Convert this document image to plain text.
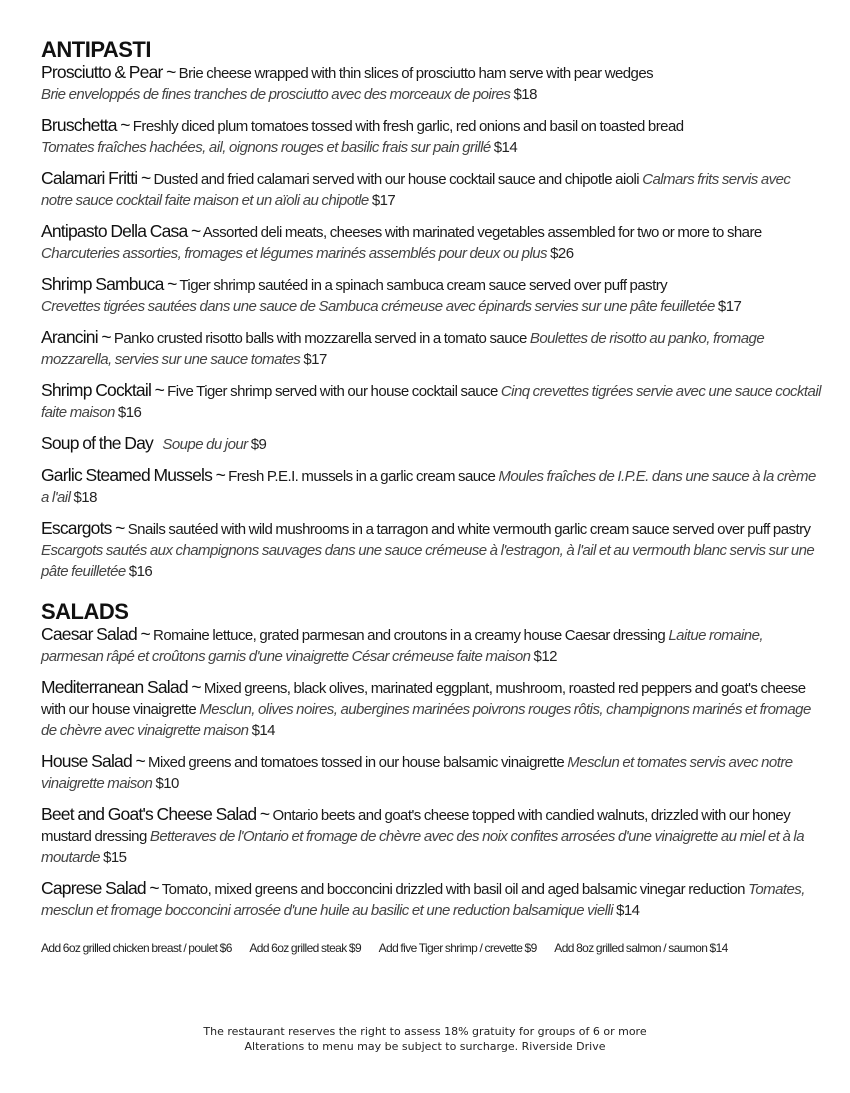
ANTIPASTI
Prosciutto & Pear ~ Brie cheese wrapped with thin slices of prosciutto ham serve with pear wedges
Brie enveloppés de fines tranches de prosciutto avec des morceaux de poires $18
Bruschetta ~ Freshly diced plum tomatoes tossed with fresh garlic, red onions and basil on toasted bread
Tomates fraîches hachées, ail, oignons rouges et basilic frais sur pain grillé $14
Calamari Fritti ~ Dusted and fried calamari served with our house cocktail sauce and chipotle aioli Calmars frits servis avec notre sauce cocktail faite maison et un aïoli au chipotle $17
Antipasto Della Casa ~ Assorted deli meats, cheeses with marinated vegetables assembled for two or more to share Charcuteries assorties, fromages et légumes marinés assemblés pour deux ou plus $26
Shrimp Sambuca ~ Tiger shrimp sautéed in a spinach sambuca cream sauce served over puff pastry
Crevettes tigrées sautées dans une sauce de Sambuca crémeuse avec épinards servies sur une pâte feuilletée $17
Arancini ~ Panko crusted risotto balls with mozzarella served in a tomato sauce Boulettes de risotto au panko, fromage mozzarella, servies sur une sauce tomates $17
Shrimp Cocktail ~ Five Tiger shrimp served with our house cocktail sauce Cinq crevettes tigrées servie avec une sauce cocktail faite maison $16
Soup of the Day Soupe du jour $9
Garlic Steamed Mussels ~ Fresh P.E.I. mussels in a garlic cream sauce Moules fraîches de I.P.E. dans une sauce à la crème a l'ail $18
Escargots ~ Snails sautéed with wild mushrooms in a tarragon and white vermouth garlic cream sauce served over puff pastry Escargots sautés aux champignons sauvages dans une sauce crémeuse à l'estragon, à l'ail et au vermouth blanc servis sur une pâte feuilletée $16
SALADS
Caesar Salad ~ Romaine lettuce, grated parmesan and croutons in a creamy house Caesar dressing Laitue romaine, parmesan râpé et croûtons garnis d'une vinaigrette César crémeuse faite maison $12
Mediterranean Salad ~ Mixed greens, black olives, marinated eggplant, mushroom, roasted red peppers and goat's cheese with our house vinaigrette Mesclun, olives noires, aubergines marinées poivrons rouges rôtis, champignons marinés et fromage de chèvre avec vinaigrette maison $14
House Salad ~ Mixed greens and tomatoes tossed in our house balsamic vinaigrette Mesclun et tomates servis avec notre vinaigrette maison $10
Beet and Goat's Cheese Salad ~ Ontario beets and goat's cheese topped with candied walnuts, drizzled with our honey mustard dressing Betteraves de l'Ontario et fromage de chèvre avec des noix confites arrosées d'une vinaigrette au miel et à la moutarde $15
Caprese Salad ~ Tomato, mixed greens and bocconcini drizzled with basil oil and aged balsamic vinegar reduction Tomates, mesclun et fromage bocconcini arrosée d'une huile au basilic et une reduction balsamique vielli $14
Add 6oz grilled chicken breast / poulet $6 Add 6oz grilled steak $9 Add five Tiger shrimp / crevette $9 Add 8oz grilled salmon / saumon $14
The restaurant reserves the right to assess 18% gratuity for groups of 6 or more
Alterations to menu may be subject to surcharge. Riverside Drive
